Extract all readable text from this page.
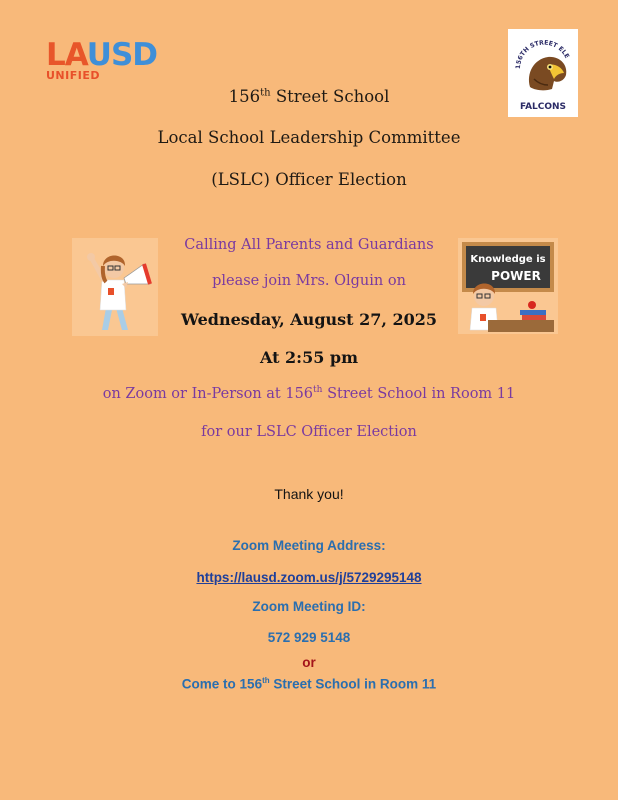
LAUSD
UNIFIED
156TH STREET ELE
FALCONS
156th Street School
Local School Leadership Committee
(LSLC) Officer Election
Knowledge is
POWER
Calling All Parents and Guardians
please join Mrs. Olguin on
Wednesday, August 27, 2025
At 2:55 pm
on Zoom or In-Person at 156th Street School in Room 11
for our LSLC Officer Election
Thank you!
Zoom Meeting Address:
https://lausd.zoom.us/j/5729295148
Zoom Meeting ID:
572 929 5148
or
Come to 156th Street School in Room 11
